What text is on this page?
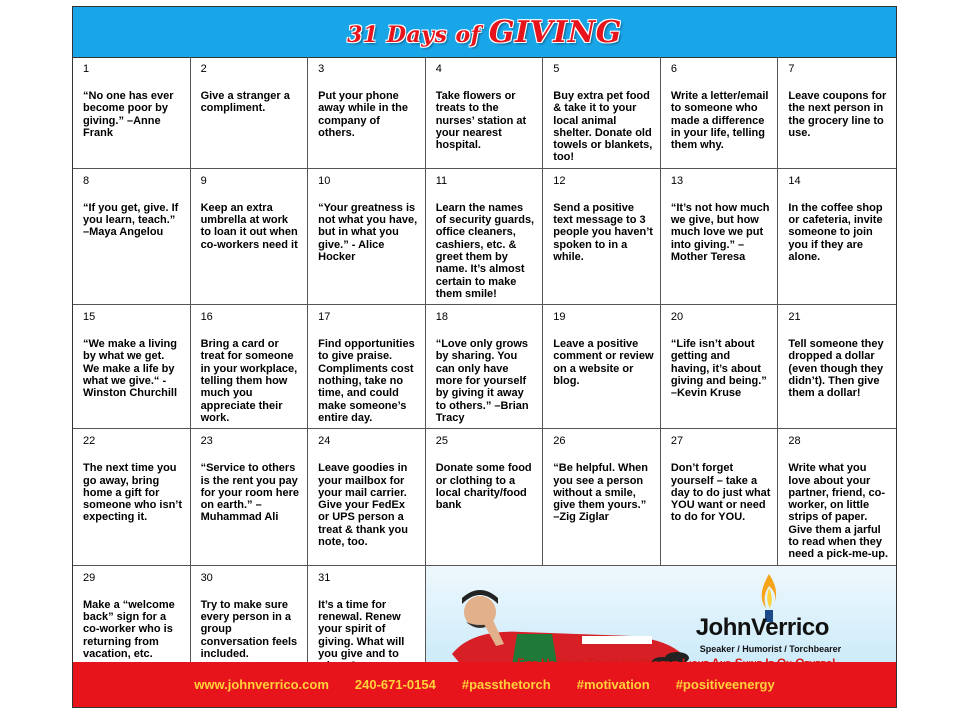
31 Days of GIVING
1
“No one has ever become poor by giving.” –Anne Frank
2
Give a stranger a compliment.
3
Put your phone away while in the company of others.
4
Take flowers or treats to the nurses’ station at your nearest hospital.
5
Buy extra pet food & take it to your local animal shelter. Donate old towels or blankets, too!
6
Write a letter/email to someone who made a difference in your life, telling them why.
7
Leave coupons for the next person in the grocery line to use.
8
“If you get, give. If you learn, teach.” –Maya Angelou
9
Keep an extra umbrella at work to loan it out when co-workers need it
10
“Your greatness is not what you have, but in what you give.” - Alice Hocker
11
Learn the names of security guards, office cleaners, cashiers, etc. & greet them by name. It’s almost certain to make them smile!
12
Send a positive text message to 3 people you haven’t spoken to in a while.
13
“It’s not how much we give, but how much love we put into giving.” – Mother Teresa
14
In the coffee shop or cafeteria, invite someone to join you if they are alone.
15
“We make a living by what we get. We make a life by what we give.“ - Winston Churchill
16
Bring a card or treat for someone in your workplace, telling them how much you appreciate their work.
17
Find opportunities to give praise. Compliments cost nothing, take no time, and could make someone’s entire day.
18
“Love only grows by sharing. You can only have more for yourself by giving it away to others.” –Brian Tracy
19
Leave a positive comment or review on a website or blog.
20
“Life isn’t about getting and having, it’s about giving and being.” –Kevin Kruse
21
Tell someone they dropped a dollar (even though they didn’t). Then give them a dollar!
22
The next time you go away, bring home a gift for someone who isn’t expecting it.
23
“Service to others is the rent you pay for your room here on earth.” – Muhammad Ali
24
Leave goodies in your mailbox for your mail carrier. Give your FedEx or UPS person a treat & thank you note, too.
25
Donate some food or clothing to a local charity/food bank
26
“Be helpful. When you see a person without a smile, give them yours.” –Zig Ziglar
27
Don’t forget yourself – take a day to do just what YOU want or need to do for YOU.
28
Write what you love about your partner, friend, co-worker, on little strips of paper. Give them a jarful to read when they need a pick-me-up.
29
Make a “welcome back” sign for a co-worker who is returning from vacation, etc.
30
Try to make sure every person in a group conversation feels included.
31
It’s a time for renewal. Renew your spirit of giving. What will you give and to
JohnVerrico
Speaker / Humorist / Torchbearer
www.johnverrico.com 240-671-0154 #passthetorch #motivation #positiveenergy
